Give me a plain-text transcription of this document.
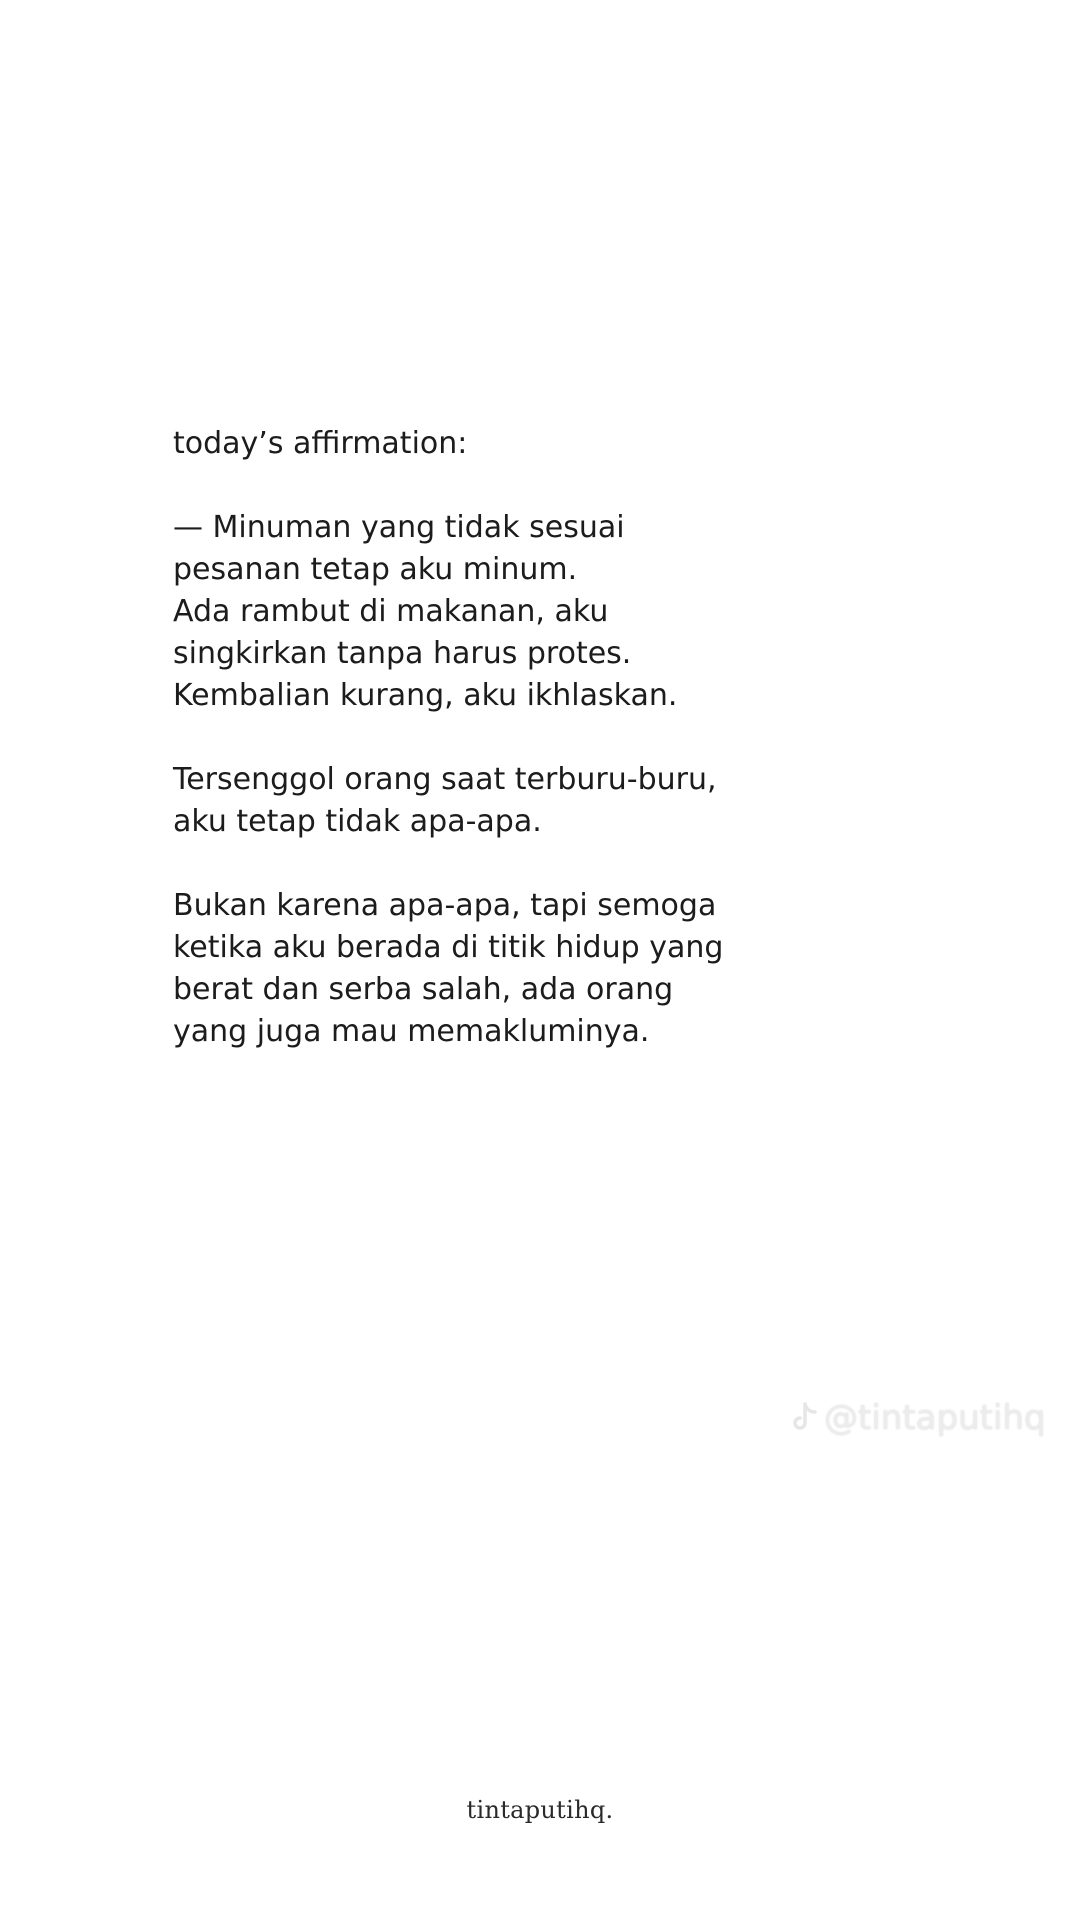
today’s affirmation:

— Minuman yang tidak sesuai

pesanan tetap aku minum.

Ada rambut di makanan, aku

singkirkan tanpa harus protes.

Kembalian kurang, aku ikhlaskan.

Tersenggol orang saat terburu-buru,

aku tetap tidak apa-apa.

Bukan karena apa-apa, tapi semoga

ketika aku berada di titik hidup yang

berat dan serba salah, ada orang

yang juga mau memakluminya.

@tintaputihq
tintaputihq.
